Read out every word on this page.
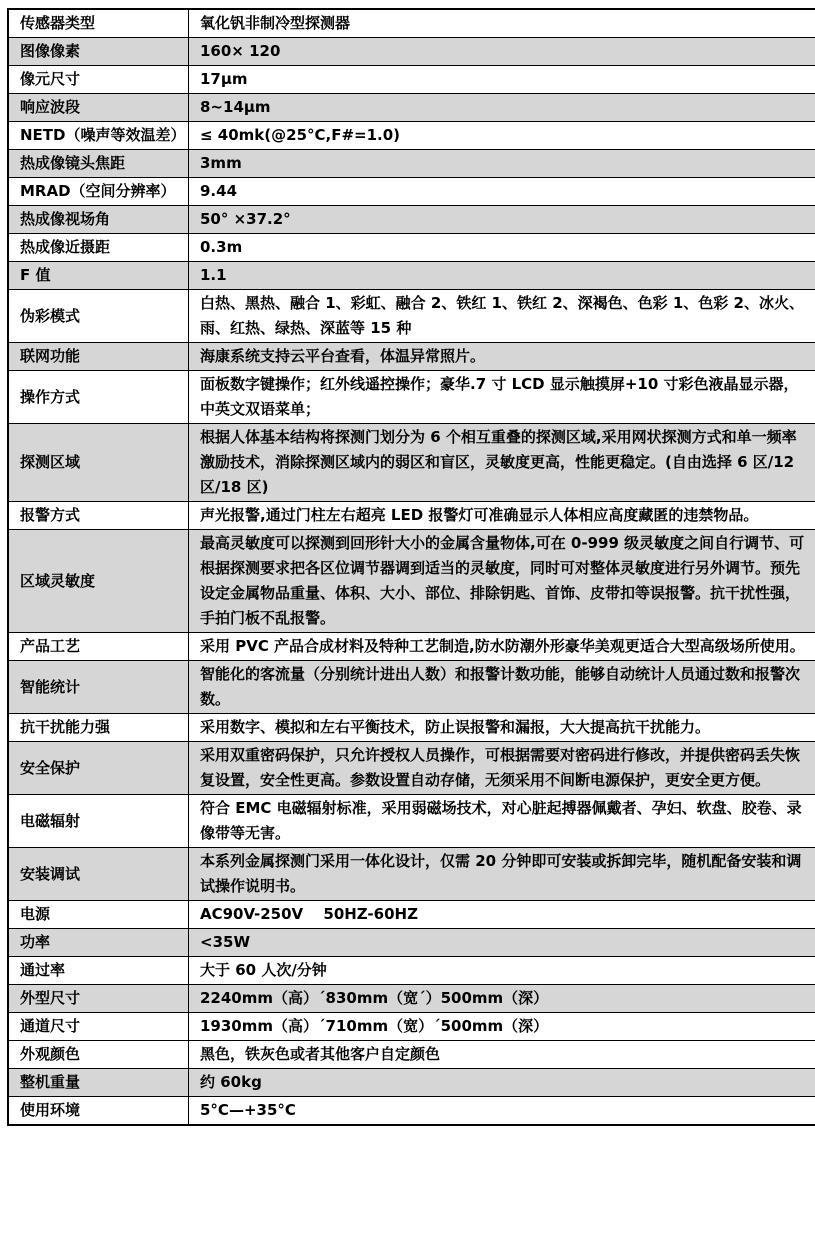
传感器类型	氧化钒非制冷型探测器
图像像素	160× 120
像元尺寸	17μm
响应波段	8~14μm
NETD（噪声等效温差）	≤ 40mk(@25°C,F#=1.0)
热成像镜头焦距	3mm
MRAD（空间分辨率）	9.44
热成像视场角	50° ×37.2°
热成像近摄距	0.3m
F 值	1.1
伪彩模式	白热、黑热、融合 1、彩虹、融合 2、铁红 1、铁红 2、深褐色、色彩 1、色彩 2、冰火、雨、红热、绿热、深蓝等 15 种
联网功能	海康系统支持云平台查看，体温异常照片。
操作方式	面板数字键操作；红外线遥控操作；豪华.7 寸 LCD 显示触摸屏+10 寸彩色液晶显示器，中英文双语菜单；
探测区域	根据人体基本结构将探测门划分为 6 个相互重叠的探测区域,采用网状探测方式和单一频率激励技术，消除探测区域内的弱区和盲区，灵敏度更高，性能更稳定。(自由选择 6 区/12 区/18 区)
报警方式	声光报警,通过门柱左右超亮 LED 报警灯可准确显示人体相应高度藏匿的违禁物品。
区域灵敏度	最高灵敏度可以探测到回形针大小的金属含量物体,可在 0-999 级灵敏度之间自行调节、可根据探测要求把各区位调节器调到适当的灵敏度，同时可对整体灵敏度进行另外调节。预先设定金属物品重量、体积、大小、部位、排除钥匙、首饰、皮带扣等误报警。抗干扰性强，手拍门板不乱报警。
产品工艺	采用 PVC 产品合成材料及特种工艺制造,防水防潮外形豪华美观更适合大型高级场所使用。
智能统计	智能化的客流量（分别统计进出人数）和报警计数功能，能够自动统计人员通过数和报警次数。
抗干扰能力强	采用数字、模拟和左右平衡技术，防止误报警和漏报，大大提高抗干扰能力。
安全保护	采用双重密码保护，只允许授权人员操作，可根据需要对密码进行修改，并提供密码丢失恢复设置，安全性更高。参数设置自动存储，无须采用不间断电源保护，更安全更方便。
电磁辐射	符合 EMC 电磁辐射标准，采用弱磁场技术，对心脏起搏器佩戴者、孕妇、软盘、胶卷、录像带等无害。
安装调试	本系列金属探测门采用一体化设计，仅需 20 分钟即可安装或拆卸完毕，随机配备安装和调试操作说明书。
电源	AC90V-250V　 50HZ-60HZ
功率	<35W
通过率	大于 60 人次/分钟
外型尺寸	2240mm（高）´830mm（宽´）500mm（深）
通道尺寸	1930mm（高）´710mm（宽）´500mm（深）
外观颜色	黑色，铁灰色或者其他客户自定颜色
整机重量	约 60kg
使用环境	5°C—+35°C
